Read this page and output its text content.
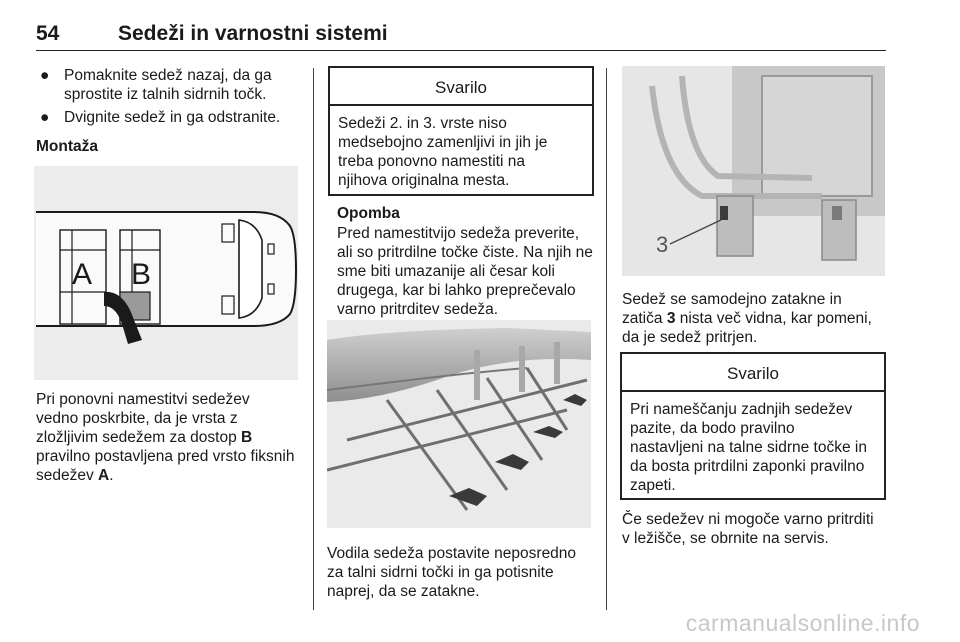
54	Sedeži in varnostni sistemi
● Pomaknite sedež nazaj, da ga
sprostite iz talnih sidrnih točk.
● Dvignite sedež in ga odstranite.
Montaža
A B
Pri ponovni namestitvi sedežev
vedno poskrbite, da je vrsta z
zložljivim sedežem za dostop B
pravilno postavljena pred vrsto fiksnih
sedežev A.
Svarilo
Sedeži 2. in 3. vrste niso
medsebojno zamenljivi in jih je
treba ponovno namestiti na
njihova originalna mesta.
Opomba
Pred namestitvijo sedeža preverite,
ali so pritrdilne točke čiste. Na njih ne
sme biti umazanije ali česar koli
drugega, kar bi lahko preprečevalo
varno pritrditev sedeža.
Vodila sedeža postavite neposredno
za talni sidrni točki in ga potisnite
naprej, da se zatakne.
3
Sedež se samodejno zatakne in
zatiča 3 nista več vidna, kar pomeni,
da je sedež pritrjen.
Svarilo
Pri nameščanju zadnjih sedežev
pazite, da bodo pravilno
nastavljeni na talne sidrne točke in
da bosta pritrdilni zaponki pravilno
zapeti.
Če sedežev ni mogoče varno pritrditi
v ležišče, se obrnite na servis.
carmanualsonline.info
